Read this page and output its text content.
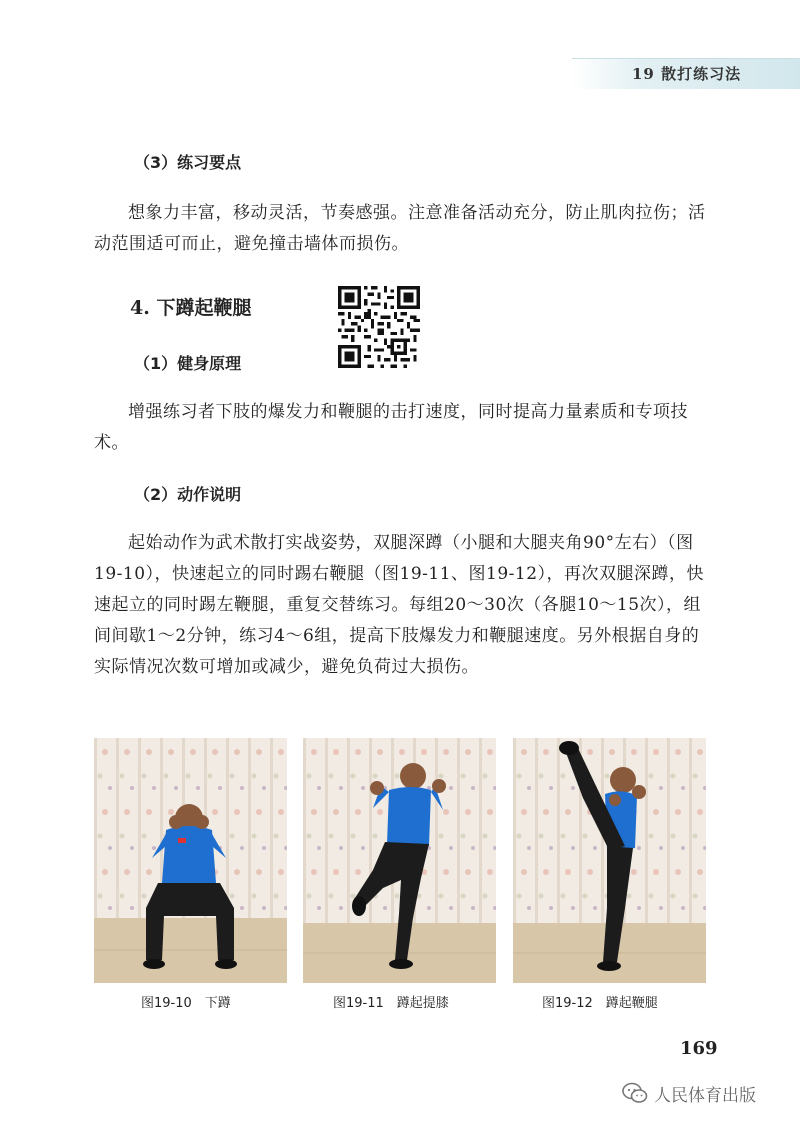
19 散打练习法
（3）练习要点

想象力丰富，移动灵活，节奏感强。注意准备活动充分，防止肌肉拉伤；活动范围适可而止，避免撞击墙体而损伤。

4. 下蹲起鞭腿
（1）健身原理

增强练习者下肢的爆发力和鞭腿的击打速度，同时提高力量素质和专项技术。

（2）动作说明

起始动作为武术散打实战姿势，双腿深蹲（小腿和大腿夹角90°左右）（图19-10），快速起立的同时踢右鞭腿（图19-11、图19-12），再次双腿深蹲，快速起立的同时踢左鞭腿，重复交替练习。每组20～30次（各腿10～15次），组间间歇1～2分钟，练习4～6组，提高下肢爆发力和鞭腿速度。另外根据自身的实际情况次数可增加或减少，避免负荷过大损伤。

图19-10　下蹲	图19-11　蹲起提膝	图19-12　蹲起鞭腿
169
人民体育出版
